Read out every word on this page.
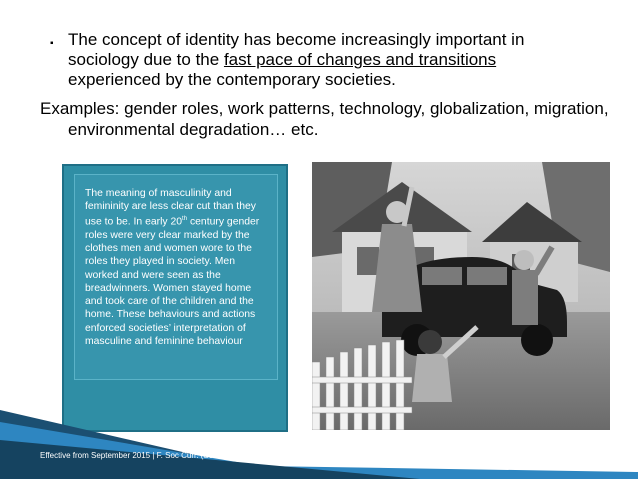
▪ The concept of identity has become increasingly important in
sociology due to the fast pace of changes and transitions
experienced by the contemporary societies.
Examples: gender roles, work patterns, technology, globalization, migration, environmental degradation… etc.
The meaning of masculinity and femininity are less clear cut than they use to be. In early 20th century gender roles were very clear marked by the clothes men and women wore to the roles they played in society. Men worked and were seen as the breadwinners. Women stayed home and took care of the children and the home. These behaviours and actions enforced societies’ interpretation of masculine and feminine behaviour
Effective from September 2015 | F. Soc Curr. (Sociology)
